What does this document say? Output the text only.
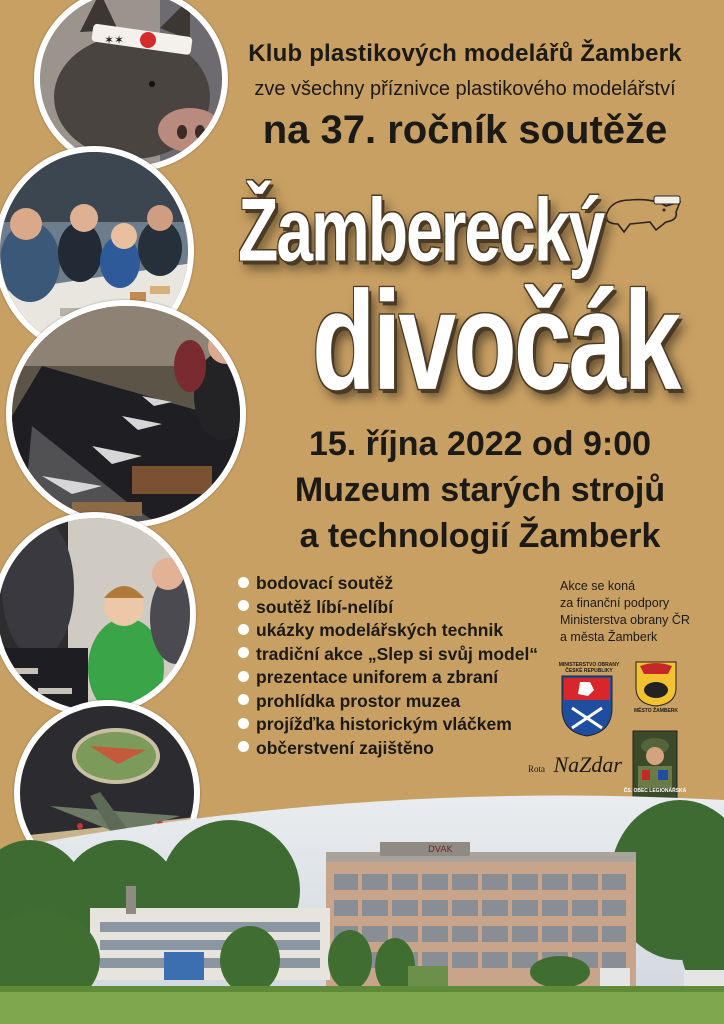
✶✶	Klub plastikových modelářů Žamberk
zve všechny příznivce plastikového modelářství
na 37. ročník soutěže
Žamberecký
divočák
15. října 2022 od 9:00
Muzeum starých strojů
a technologií Žamberk
bodovací soutěž
soutěž líbí-nelíbí
ukázky modelářských technik
tradiční akce „Slep si svůj model“
prezentace uniforem a zbraní
prohlídka prostor muzea
projížďka historickým vláčkem
občerstvení zajištěno
Akce se koná
za finanční podpory
Ministerstva obrany ČR
a města Žamberk
MINISTERSTVO OBRANY ČESKÉ REPUBLIKY
MĚSTO ŽAMBERK
Rota NaZdar
ČS. OBEC LEGIONÁŘSKÁ
DVAK
